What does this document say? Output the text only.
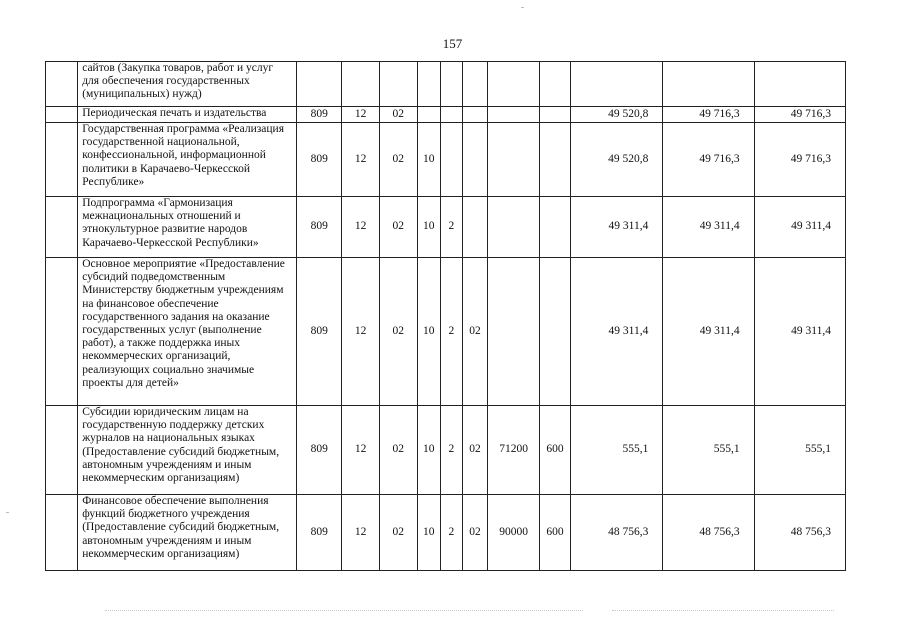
157
	сайтов (Закупка товаров, работ и услуг для обеспечения государственных (муниципальных) нужд)											
	Периодическая печать и издательства	809	12	02						49 520,8	49 716,3	49 716,3
	Государственная программа «Реализация государственной национальной, конфессиональной, информационной политики в Карачаево-Черкесской Республике»	809	12	02	10					49 520,8	49 716,3	49 716,3
	Подпрограмма «Гармонизация межнациональных отношений и этнокультурное развитие народов Карачаево-Черкесской Республики»	809	12	02	10	2				49 311,4	49 311,4	49 311,4
	Основное мероприятие «Предоставление субсидий подведомственным Министерству бюджетным учреждениям на финансовое обеспечение государственного задания на оказание государственных услуг (выполнение работ), а также поддержка иных некоммерческих организаций, реализующих социально значимые проекты для детей»	809	12	02	10	2	02			49 311,4	49 311,4	49 311,4
	Субсидии юридическим лицам на государственную поддержку детских журналов на национальных языках (Предоставление субсидий бюджетным, автономным учреждениям и иным некоммерческим организациям)	809	12	02	10	2	02	71200	600	555,1	555,1	555,1
	Финансовое обеспечение выполнения функций бюджетного учреждения (Предоставление субсидий бюджетным, автономным учреждениям и иным некоммерческим организациям)	809	12	02	10	2	02	90000	600	48 756,3	48 756,3	48 756,3
